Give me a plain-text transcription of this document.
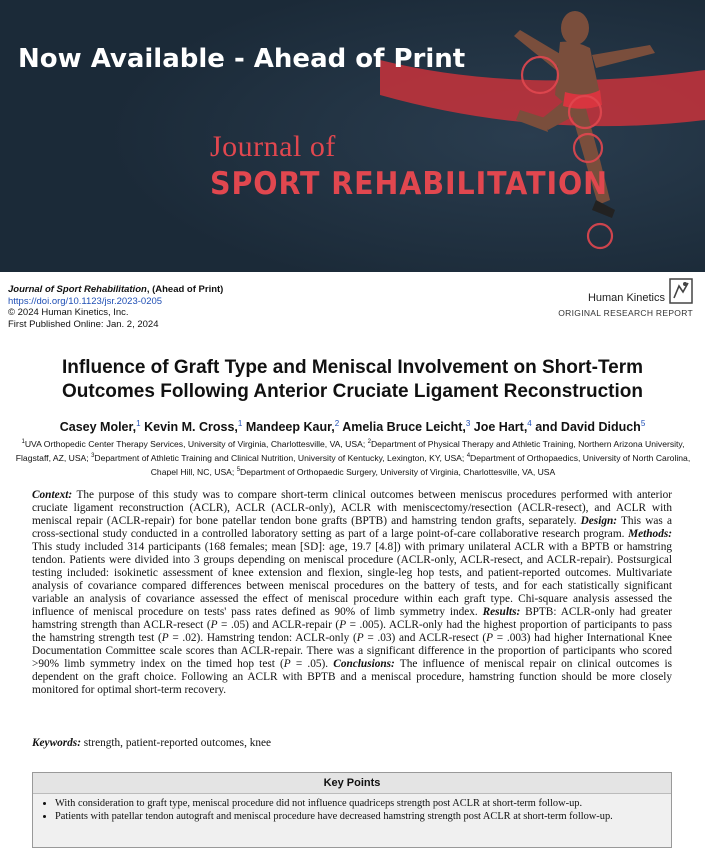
Now Available - Ahead of Print
Journal of
SPORT REHABILITATION
Journal of Sport Rehabilitation, (Ahead of Print)
https://doi.org/10.1123/jsr.2023-0205
© 2024 Human Kinetics, Inc.
First Published Online: Jan. 2, 2024
Human Kinetics
ORIGINAL RESEARCH REPORT
Influence of Graft Type and Meniscal Involvement on Short-Term
Outcomes Following Anterior Cruciate Ligament Reconstruction
Casey Moler,$^1$ Kevin M. Cross,$^1$ Mandeep Kaur,$^2$ Amelia Bruce Leicht,$^3$ Joe Hart,$^4$ and David Diduch$^5$
$^1$UVA Orthopedic Center Therapy Services, University of Virginia, Charlottesville, VA, USA; $^2$Department of Physical Therapy and Athletic Training, Northern Arizona University, Flagstaff, AZ, USA; $^3$Department of Athletic Training and Clinical Nutrition, University of Kentucky, Lexington, KY, USA; $^4$Department of Orthopaedics, University of North Carolina, Chapel Hill, NC, USA; $^5$Department of Orthopaedic Surgery, University of Virginia, Charlottesville, VA, USA
Context: The purpose of this study was to compare short-term clinical outcomes between meniscus procedures performed with anterior cruciate ligament reconstruction (ACLR), ACLR (ACLR-only), ACLR with meniscectomy/resection (ACLR-resect), and ACLR with meniscal repair (ACLR-repair) for bone patellar tendon bone grafts (BPTB) and hamstring tendon grafts, separately. Design: This was a cross-sectional study conducted in a controlled laboratory setting as part of a large point-of-care collaborative research program. Methods: This study included 314 participants (168 females; mean [SD]: age, 19.7 [4.8]) with primary unilateral ACLR with a BPTB or hamstring tendon. Patients were divided into 3 groups depending on meniscal procedure (ACLR-only, ACLR-resect, and ACLR-repair). Postsurgical testing included: isokinetic assessment of knee extension and flexion, single-leg hop tests, and patient-reported outcomes. Multivariate analysis of covariance compared differences between meniscal procedures on the battery of tests, and for each statistically significant variable an analysis of covariance assessed the effect of meniscal procedure within each graft type. Chi-square analysis assessed the influence of meniscal procedure on tests' pass rates defined as 90% of limb symmetry index. Results: BPTB: ACLR-only had greater hamstring strength than ACLR-resect (P = .05) and ACLR-repair (P = .005). ACLR-only had the highest proportion of participants to pass the hamstring strength test (P = .02). Hamstring tendon: ACLR-only (P = .03) and ACLR-resect (P = .003) had higher International Knee Documentation Committee scale scores than ACLR-repair. There was a significant difference in the proportion of participants who scored >90% limb symmetry index on the timed hop test (P = .05). Conclusions: The influence of meniscal repair on clinical outcomes is dependent on the graft choice. Following an ACLR with BPTB and a meniscal procedure, hamstring function should be more closely monitored for optimal short-term recovery.
Keywords: strength, patient-reported outcomes, knee
Key Points
• With consideration to graft type, meniscal procedure did not influence quadriceps strength post ACLR at short-term follow-up.
• Patients with patellar tendon autograft and meniscal procedure have decreased hamstring strength post ACLR at short-term follow-up.
